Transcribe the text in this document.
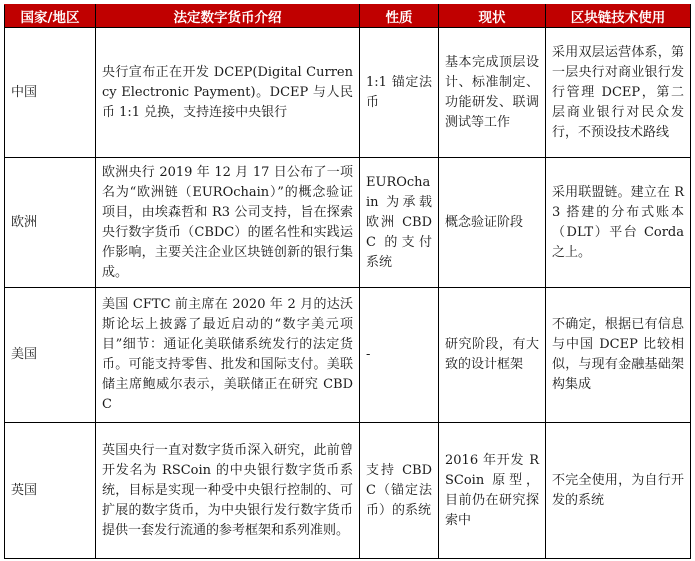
国家/地区	法定数字货币介绍	性质	现状	区块链技术使用
中国	央行宣布正在开发 DCEP(Digital Currency Electronic Payment)。DCEP 与人民币 1:1 兑换，支持连接中央银行	1:1 锚定法币	基本完成顶层设计、标准制定、功能研发、联调测试等工作	采用双层运营体系，第一层央行对商业银行发行管理 DCEP，第二层商业银行对民众发行，不预设技术路线
欧洲	欧洲央行 2019 年 12 月 17 日公布了一项名为“欧洲链（EUROchain）”的概念验证项目，由埃森哲和 R3 公司支持，旨在探索央行数字货币（CBDC）的匿名性和实践运作影响，主要关注企业区块链创新的银行集成。	EUROchain 为承载欧洲 CBDC 的支付系统	概念验证阶段	采用联盟链。建立在 R3 搭建的分布式账本（DLT）平台 Corda 之上。
美国	美国 CFTC 前主席在 2020 年 2 月的达沃斯论坛上披露了最近启动的“数字美元项目”细节：通证化美联储系统发行的法定货币。可能支持零售、批发和国际支付。美联储主席鲍威尔表示，美联储正在研究 CBDC	-	研究阶段，有大致的设计框架	不确定，根据已有信息与中国 DCEP 比较相似，与现有金融基础架构集成
英国	英国央行一直对数字货币深入研究，此前曾开发名为 RSCoin 的中央银行数字货币系统，目标是实现一种受中央银行控制的、可扩展的数字货币，为中央银行发行数字货币提供一套发行流通的参考框架和系列准则。	支持 CBDC（锚定法币）的系统	2016 年开发 RSCoin 原型，目前仍在研究探索中	不完全使用，为自行开发的系统
